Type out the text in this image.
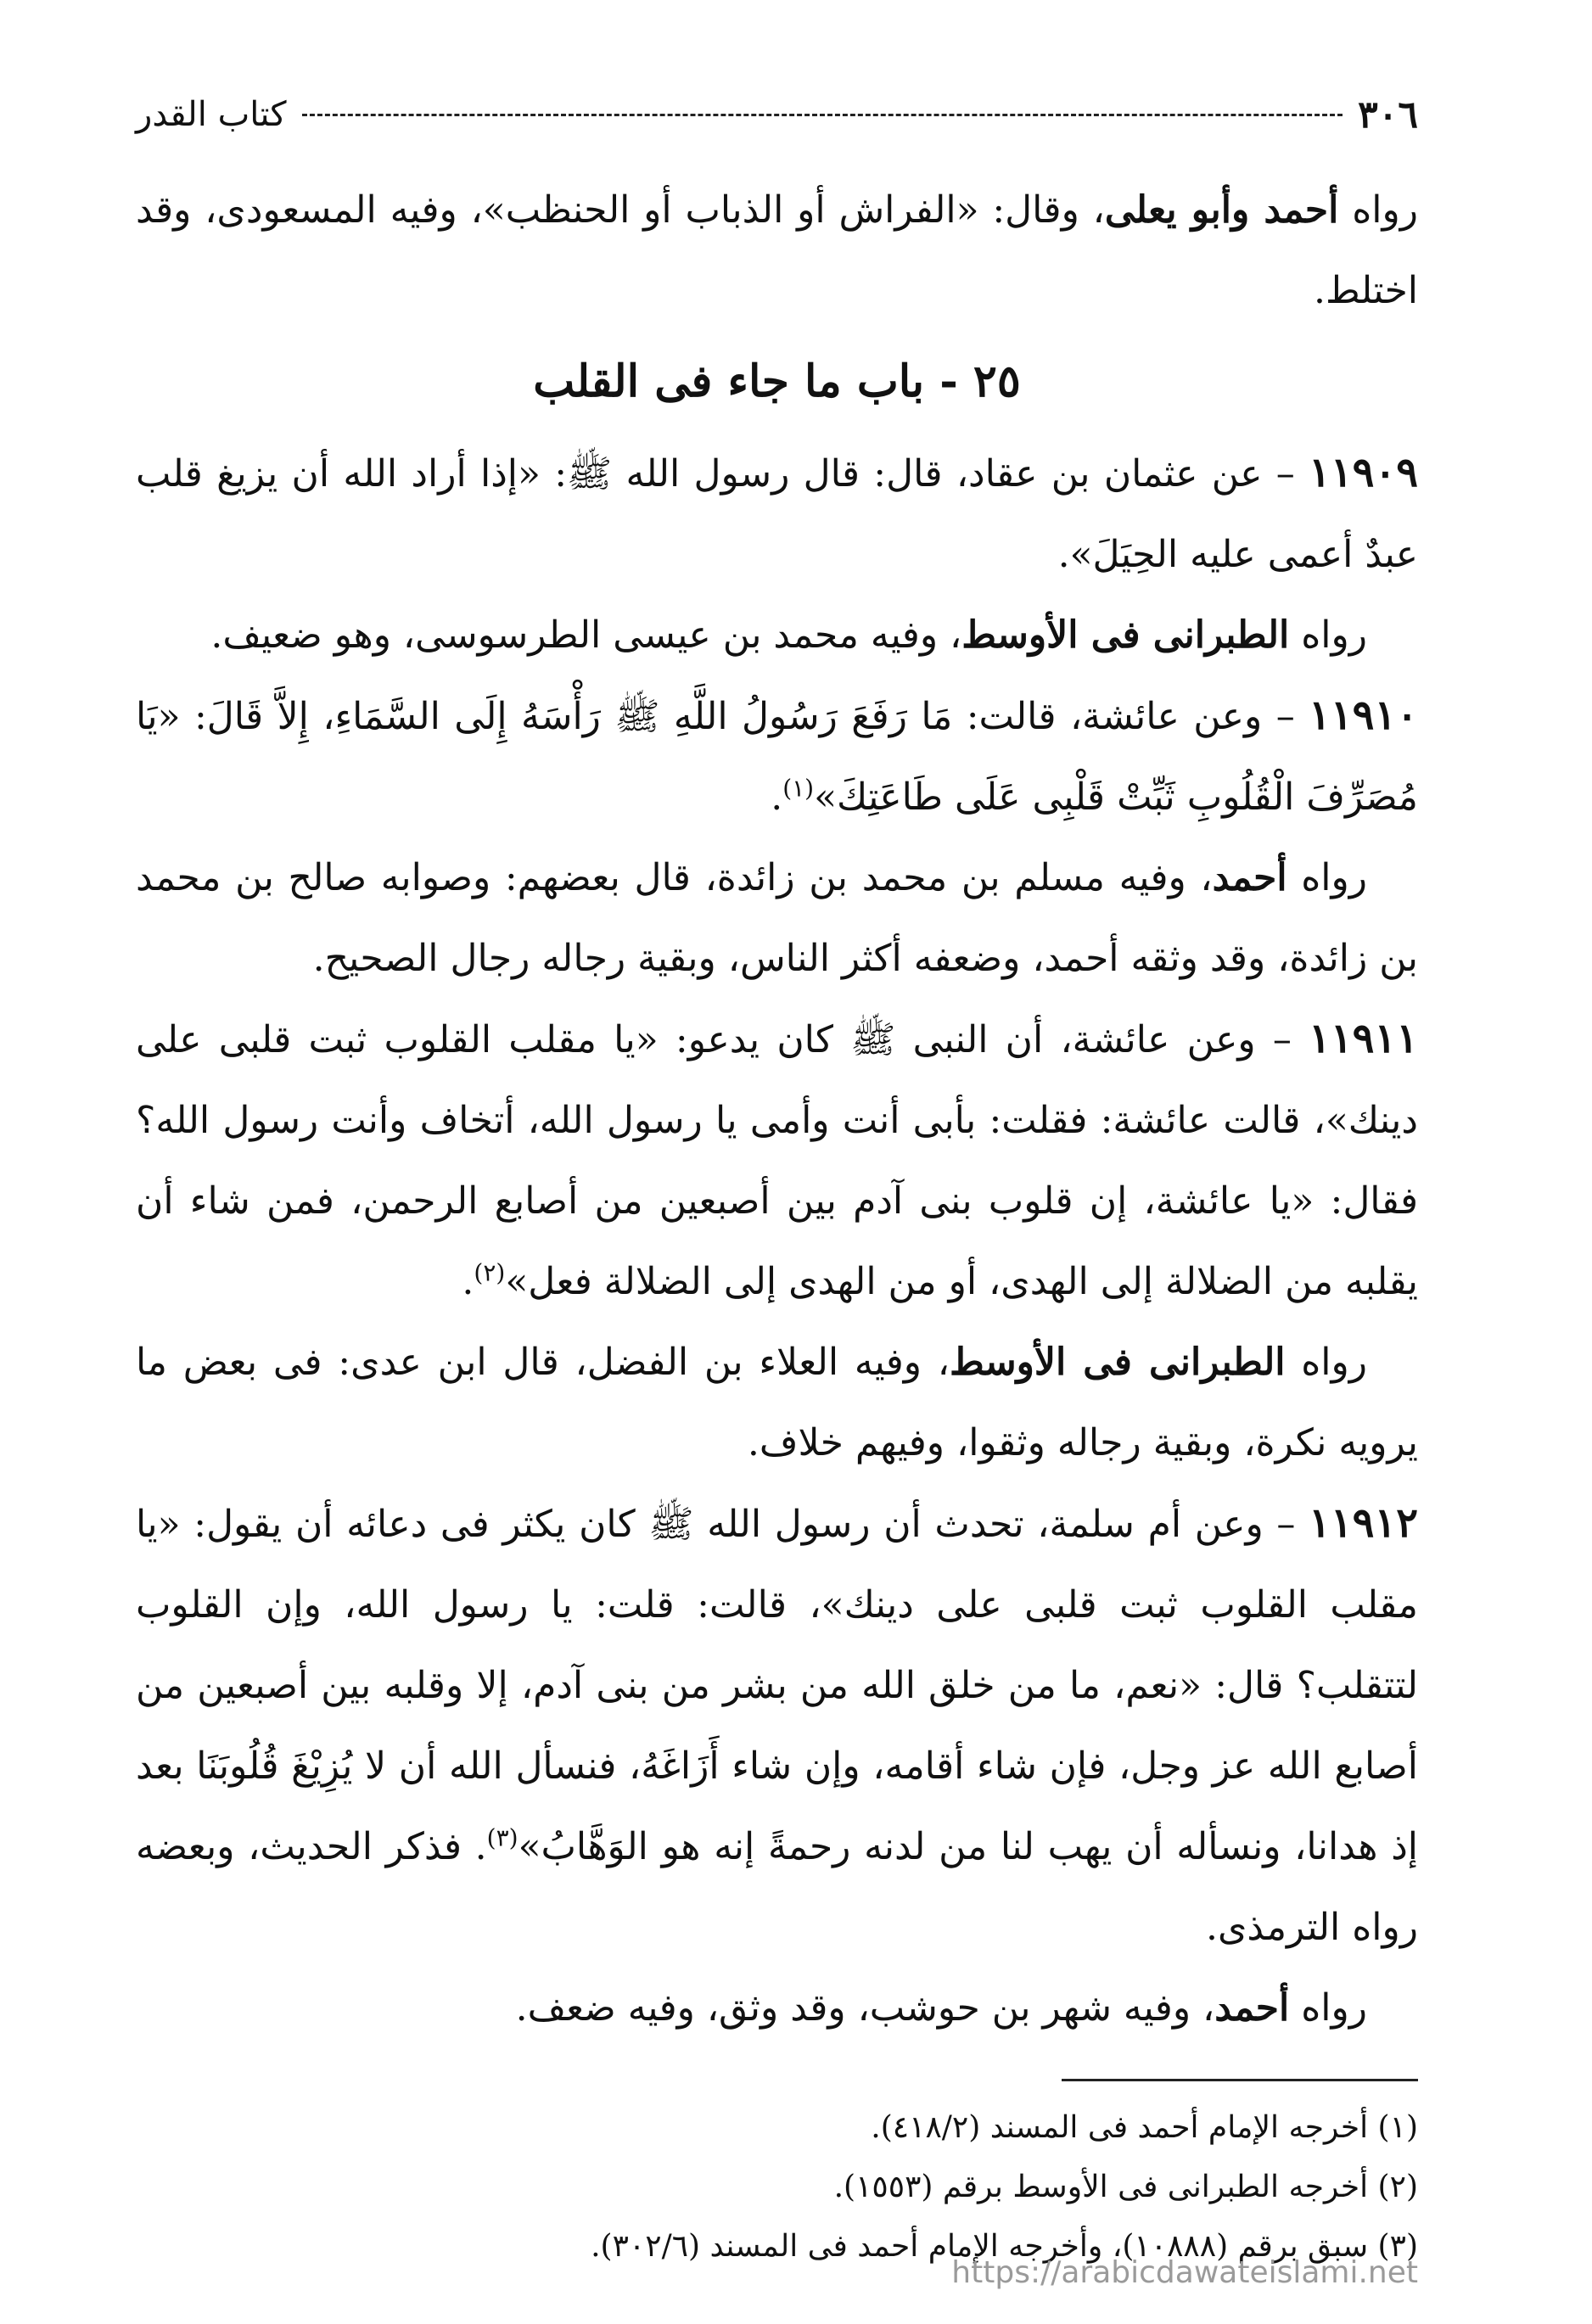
٣٠٦
كتاب القدر

رواه أحمد وأبو يعلى، وقال: «الفراش أو الذباب أو الحنظب»، وفيه المسعودى، وقد اختلط.

٢٥ - باب ما جاء فى القلب

١١٩٠٩ – عن عثمان بن عقاد، قال: قال رسول الله ﷺ: «إذا أراد الله أن يزيغ قلب عبدٌ أعمى عليه الحِيَلَ».

رواه الطبرانى فى الأوسط، وفيه محمد بن عيسى الطرسوسى، وهو ضعيف.

١١٩١٠ – وعن عائشة، قالت: مَا رَفَعَ رَسُولُ اللَّهِ ﷺ رَأْسَهُ إِلَى السَّمَاءِ، إِلاَّ قَالَ: «يَا مُصَرِّفَ الْقُلُوبِ ثَبِّتْ قَلْبِى عَلَى طَاعَتِكَ»$^{(١)}$.

رواه أحمد، وفيه مسلم بن محمد بن زائدة، قال بعضهم: وصوابه صالح بن محمد بن زائدة، وقد وثقه أحمد، وضعفه أكثر الناس، وبقية رجاله رجال الصحيح.

١١٩١١ – وعن عائشة، أن النبى ﷺ كان يدعو: «يا مقلب القلوب ثبت قلبى على دينك»، قالت عائشة: فقلت: بأبى أنت وأمى يا رسول الله، أتخاف وأنت رسول الله؟ فقال: «يا عائشة، إن قلوب بنى آدم بين أصبعين من أصابع الرحمن، فمن شاء أن يقلبه من الضلالة إلى الهدى، أو من الهدى إلى الضلالة فعل»$^{(٢)}$.

رواه الطبرانى فى الأوسط، وفيه العلاء بن الفضل، قال ابن عدى: فى بعض ما يرويه نكرة، وبقية رجاله وثقوا، وفيهم خلاف.

١١٩١٢ – وعن أم سلمة، تحدث أن رسول الله ﷺ كان يكثر فى دعائه أن يقول: «يا مقلب القلوب ثبت قلبى على دينك»، قالت: قلت: يا رسول الله، وإن القلوب لتتقلب؟ قال: «نعم، ما من خلق الله من بشر من بنى آدم، إلا وقلبه بين أصبعين من أصابع الله عز وجل، فإن شاء أقامه، وإن شاء أَزَاغَهُ، فنسأل الله أن لا يُزِيْغَ قُلُوبَنَا بعد إذ هدانا، ونسأله أن يهب لنا من لدنه رحمةً إنه هو الوَهَّابُ»$^{(٣)}$. فذكر الحديث، وبعضه رواه الترمذى.

رواه أحمد، وفيه شهر بن حوشب، وقد وثق، وفيه ضعف.

(١) أخرجه الإمام أحمد فى المسند (٤١٨/٢).
(٢) أخرجه الطبرانى فى الأوسط برقم (١٥٥٣).
(٣) سبق برقم (١٠٨٨٨)، وأخرجه الإمام أحمد فى المسند (٣٠٢/٦).
https://arabicdawateislami.net
